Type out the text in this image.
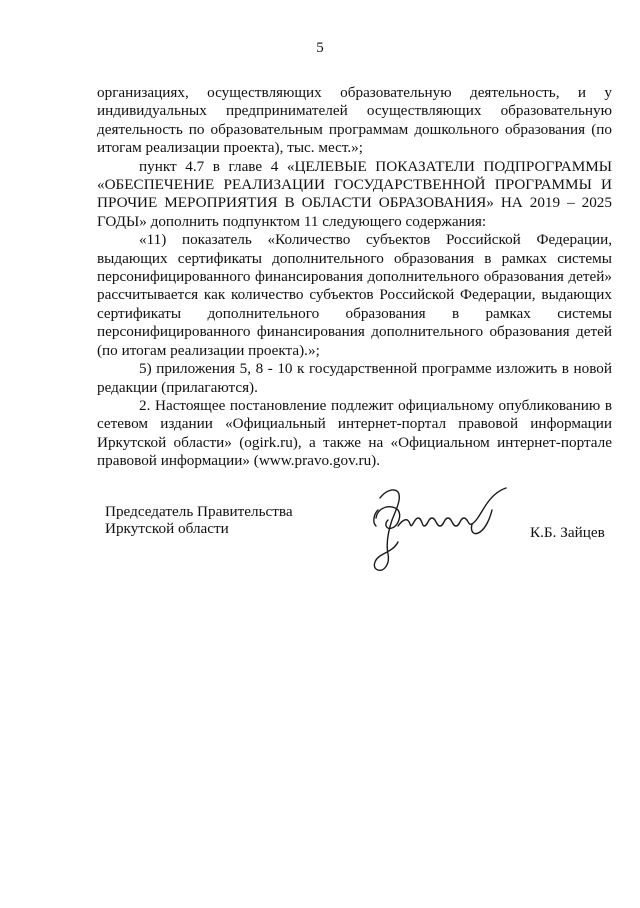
5

организациях, осуществляющих образовательную деятельность, и у индивидуальных предпринимателей осуществляющих образовательную деятельность по образовательным программам дошкольного образования (по итогам реализации проекта), тыс. мест.»;

пункт 4.7 в главе 4 «ЦЕЛЕВЫЕ ПОКАЗАТЕЛИ ПОДПРОГРАММЫ «ОБЕСПЕЧЕНИЕ РЕАЛИЗАЦИИ ГОСУДАРСТВЕННОЙ ПРОГРАММЫ И ПРОЧИЕ МЕРОПРИЯТИЯ В ОБЛАСТИ ОБРАЗОВАНИЯ» НА 2019 – 2025 ГОДЫ» дополнить подпунктом 11 следующего содержания:

«11) показатель «Количество субъектов Российской Федерации, выдающих сертификаты дополнительного образования в рамках системы персонифицированного финансирования дополнительного образования детей» рассчитывается как количество субъектов Российской Федерации, выдающих сертификаты дополнительного образования в рамках системы персонифицированного финансирования дополнительного образования детей (по итогам реализации проекта).»;

5) приложения 5, 8 - 10 к государственной программе изложить в новой редакции (прилагаются).

2. Настоящее постановление подлежит официальному опубликованию в сетевом издании «Официальный интернет-портал правовой информации Иркутской области» (ogirk.ru), а также на «Официальном интернет-портале правовой информации» (www.pravo.gov.ru).

Председатель Правительства
Иркутской области	К.Б. Зайцев
